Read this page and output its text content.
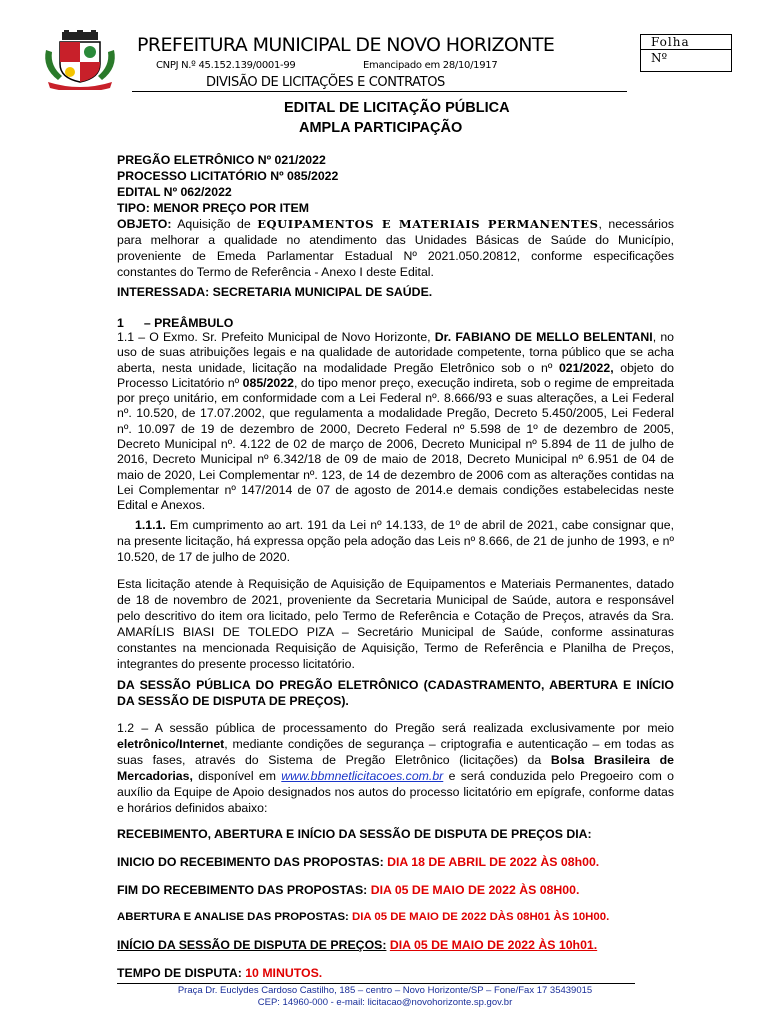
PREFEITURA MUNICIPAL DE NOVO HORIZONTE
CNPJ N.º 45.152.139/0001-99	Emancipado em 28/10/1917
DIVISÃO DE LICITAÇÕES E CONTRATOS
Folha
Nº
EDITAL DE LICITAÇÃO PÚBLICA
AMPLA PARTICIPAÇÃO
PREGÃO ELETRÔNICO Nº 021/2022
PROCESSO LICITATÓRIO Nº 085/2022
EDITAL Nº 062/2022
TIPO: MENOR PREÇO POR ITEM
OBJETO: Aquisição de EQUIPAMENTOS E MATERIAIS PERMANENTES, necessários para melhorar a qualidade no atendimento das Unidades Básicas de Saúde do Município, proveniente de Emeda Parlamentar Estadual Nº 2021.050.20812, conforme especificações constantes do Termo de Referência - Anexo I deste Edital.
INTERESSADA: SECRETARIA MUNICIPAL DE SAÚDE.
1 – PREÂMBULO
1.1 – O Exmo. Sr. Prefeito Municipal de Novo Horizonte, Dr. FABIANO DE MELLO BELENTANI, no uso de suas atribuições legais e na qualidade de autoridade competente, torna público que se acha aberta, nesta unidade, licitação na modalidade Pregão Eletrônico sob o nº 021/2022, objeto do Processo Licitatório nº 085/2022, do tipo menor preço, execução indireta, sob o regime de empreitada por preço unitário, em conformidade com a Lei Federal nº. 8.666/93 e suas alterações, a Lei Federal nº. 10.520, de 17.07.2002, que regulamenta a modalidade Pregão, Decreto 5.450/2005, Lei Federal nº. 10.097 de 19 de dezembro de 2000, Decreto Federal nº 5.598 de 1º de dezembro de 2005, Decreto Municipal nº. 4.122 de 02 de março de 2006, Decreto Municipal nº 5.894 de 11 de julho de 2016, Decreto Municipal nº 6.342/18 de 09 de maio de 2018, Decreto Municipal nº 6.951 de 04 de maio de 2020, Lei Complementar nº. 123, de 14 de dezembro de 2006 com as alterações contidas na Lei Complementar nº 147/2014 de 07 de agosto de 2014.e demais condições estabelecidas neste Edital e Anexos.
1.1.1. Em cumprimento ao art. 191 da Lei nº 14.133, de 1º de abril de 2021, cabe consignar que, na presente licitação, há expressa opção pela adoção das Leis nº 8.666, de 21 de junho de 1993, e nº 10.520, de 17 de julho de 2020.
Esta licitação atende à Requisição de Aquisição de Equipamentos e Materiais Permanentes, datado de 18 de novembro de 2021, proveniente da Secretaria Municipal de Saúde, autora e responsável pelo descritivo do item ora licitado, pelo Termo de Referência e Cotação de Preços, através da Sra. AMARÍLIS BIASI DE TOLEDO PIZA – Secretário Municipal de Saúde, conforme assinaturas constantes na mencionada Requisição de Aquisição, Termo de Referência e Planilha de Preços, integrantes do presente processo licitatório.
DA SESSÃO PÚBLICA DO PREGÃO ELETRÔNICO (CADASTRAMENTO, ABERTURA E INÍCIO DA SESSÃO DE DISPUTA DE PREÇOS).
1.2 – A sessão pública de processamento do Pregão será realizada exclusivamente por meio eletrônico/Internet, mediante condições de segurança – criptografia e autenticação – em todas as suas fases, através do Sistema de Pregão Eletrônico (licitações) da Bolsa Brasileira de Mercadorias, disponível em www.bbmnetlicitacoes.com.br e será conduzida pelo Pregoeiro com o auxílio da Equipe de Apoio designados nos autos do processo licitatório em epígrafe, conforme datas e horários definidos abaixo:
RECEBIMENTO, ABERTURA E INÍCIO DA SESSÃO DE DISPUTA DE PREÇOS DIA:
INICIO DO RECEBIMENTO DAS PROPOSTAS: DIA 18 DE ABRIL DE 2022 ÀS 08h00.
FIM DO RECEBIMENTO DAS PROPOSTAS: DIA 05 DE MAIO DE 2022 ÀS 08H00.
ABERTURA E ANALISE DAS PROPOSTAS: DIA 05 DE MAIO DE 2022 DÀS 08H01 ÀS 10H00.
INÍCIO DA SESSÃO DE DISPUTA DE PREÇOS: DIA 05 DE MAIO DE 2022 ÀS 10h01.
TEMPO DE DISPUTA: 10 MINUTOS.
Praça Dr. Euclydes Cardoso Castilho, 185 – centro – Novo Horizonte/SP – Fone/Fax 17 35439015
CEP: 14960-000 - e-mail: licitacao@novohorizonte.sp.gov.br
